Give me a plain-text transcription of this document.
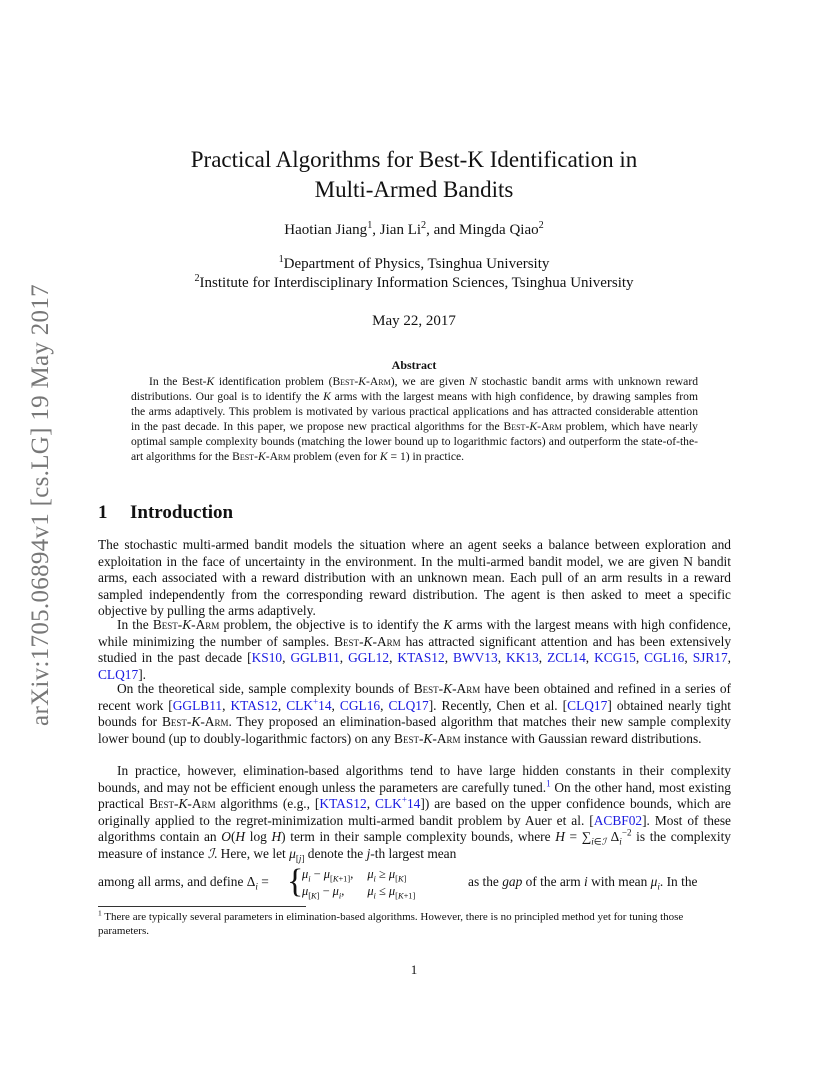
arXiv:1705.06894v1 [cs.LG] 19 May 2017
Practical Algorithms for Best-K Identification in
Multi-Armed Bandits
Haotian Jiang$^1$, Jian Li$^2$, and Mingda Qiao$^2$
$^1$Department of Physics, Tsinghua University
$^2$Institute for Interdisciplinary Information Sciences, Tsinghua University
May 22, 2017
Abstract
In the Best-K identification problem (Best-K-Arm), we are given N stochastic bandit arms with unknown reward distributions. Our goal is to identify the K arms with the largest means with high confidence, by drawing samples from the arms adaptively. This problem is motivated by various practical applications and has attracted considerable attention in the past decade. In this paper, we propose new practical algorithms for the Best-K-Arm problem, which have nearly optimal sample complexity bounds (matching the lower bound up to logarithmic factors) and outperform the state-of-the-art algorithms for the Best-K-Arm problem (even for K = 1) in practice.
1 Introduction

The stochastic multi-armed bandit models the situation where an agent seeks a balance between exploration and exploitation in the face of uncertainty in the environment. In the multi-armed bandit model, we are given N bandit arms, each associated with a reward distribution with an unknown mean. Each pull of an arm results in a reward sampled independently from the corresponding reward distribution. The agent is then asked to meet a specific objective by pulling the arms adaptively.

In the Best-K-Arm problem, the objective is to identify the K arms with the largest means with high confidence, while minimizing the number of samples. Best-K-Arm has attracted significant attention and has been extensively studied in the past decade [KS10, GGLB11, GGL12, KTAS12, BWV13, KK13, ZCL14, KCG15, CGL16, SJR17, CLQ17].

On the theoretical side, sample complexity bounds of Best-K-Arm have been obtained and refined in a series of recent work [GGLB11, KTAS12, CLK+14, CGL16, CLQ17]. Recently, Chen et al. [CLQ17] obtained nearly tight bounds for Best-K-Arm. They proposed an elimination-based algorithm that matches their new sample complexity lower bound (up to doubly-logarithmic factors) on any Best-K-Arm instance with Gaussian reward distributions.

In practice, however, elimination-based algorithms tend to have large hidden constants in their complexity bounds, and may not be efficient enough unless the parameters are carefully tuned.$^1$ On the other hand, most existing practical Best-K-Arm algorithms (e.g., [KTAS12, CLK+14]) are based on the upper confidence bounds, which are originally applied to the regret-minimization multi-armed bandit problem by Auer et al. [ACBF02]. Most of these algorithms contain an O(H log H) term in their sample complexity bounds, where $H = \sum_{i\in ℐ}$ $\Delta_i^{-2}$ is the complexity measure of instance ℐ. Here, we let $\mu_{[j]}$ denote the j-th largest mean

among all arms, and define $\Delta_i$ = {
$\mu_i - \mu_{[K+1]}$,	$\mu_i \ge \mu_{[K]}$
$\mu_{[K]} - \mu_i$,	$\mu_i \le \mu_{[K+1]}$
as the gap of the arm i with mean $\mu_i$. In the
$^1$ There are typically several parameters in elimination-based algorithms. However, there is no principled method yet for tuning those parameters.
1
